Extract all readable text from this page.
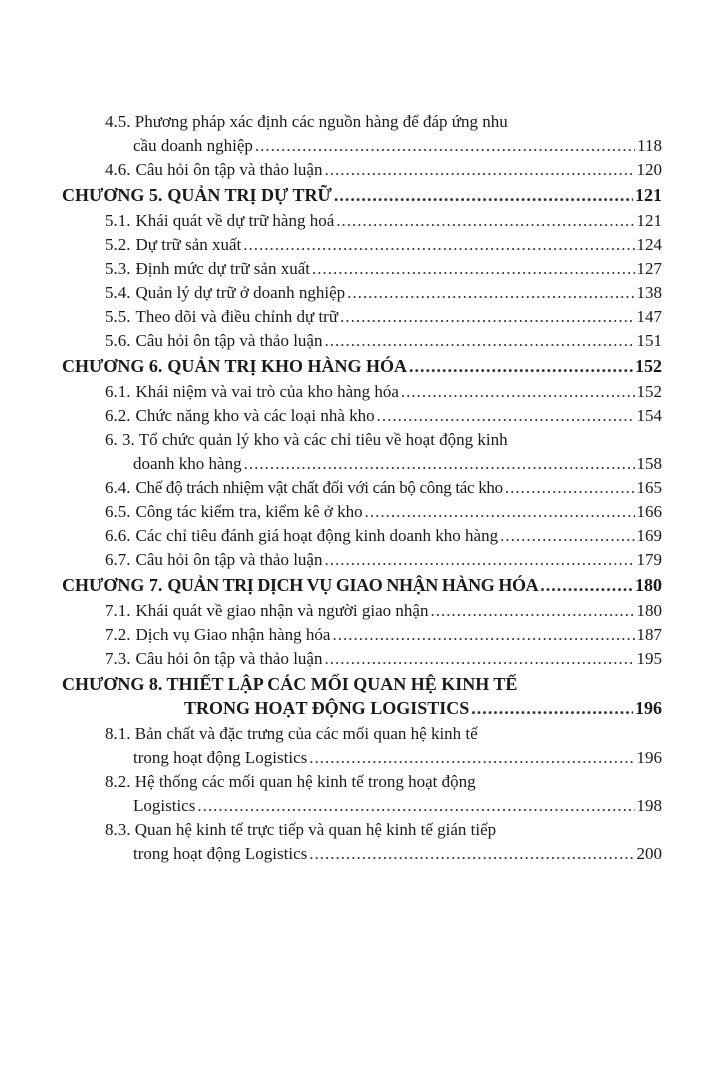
4.5. Phương pháp xác định các nguồn hàng để đáp ứng nhu
cầu doanh nghiệp .....	118
4.6. Câu hỏi ôn tập và thảo luận .....	120
CHƯƠNG 5. QUẢN TRỊ DỰ TRỮ .....	121
5.1. Khái quát về dự trữ hàng hoá .....	121
5.2. Dự trữ sản xuất .....	124
5.3. Định mức dự trữ sản xuất .....	127
5.4. Quản lý dự trữ ở doanh nghiệp .....	138
5.5. Theo dõi và điều chỉnh dự trữ .....	147
5.6. Câu hỏi ôn tập và thảo luận .....	151
CHƯƠNG 6. QUẢN TRỊ KHO HÀNG HÓA .....	152
6.1. Khái niệm và vai trò của kho hàng hóa .....	152
6.2. Chức năng kho và các loại nhà kho .....	154
6. 3. Tổ chức quản lý kho và các chỉ tiêu về hoạt động kinh
doanh kho hàng .....	158
6.4. Chế độ trách nhiệm vật chất đối với cán bộ công tác kho .....	165
6.5. Công tác kiểm tra, kiểm kê ở kho .....	166
6.6. Các chỉ tiêu đánh giá hoạt động kinh doanh kho hàng .....	169
6.7. Câu hỏi ôn tập và thảo luận .....	179
CHƯƠNG 7. QUẢN TRỊ DỊCH VỤ GIAO NHẬN HÀNG HÓA .....	180
7.1. Khái quát về giao nhận và người giao nhận .....	180
7.2. Dịch vụ Giao nhận hàng hóa .....	187
7.3. Câu hỏi ôn tập và thảo luận .....	195
CHƯƠNG 8. THIẾT LẬP CÁC MỐI QUAN HỆ KINH TẾ
TRONG HOẠT ĐỘNG LOGISTICS .....	196
8.1. Bản chất và đặc trưng của các mối quan hệ kinh tế
trong hoạt động Logistics .....	196
8.2. Hệ thống các mối quan hệ kinh tế trong hoạt động
Logistics .....	198
8.3. Quan hệ kinh tế trực tiếp và quan hệ kinh tế gián tiếp
trong hoạt động Logistics .....	200
